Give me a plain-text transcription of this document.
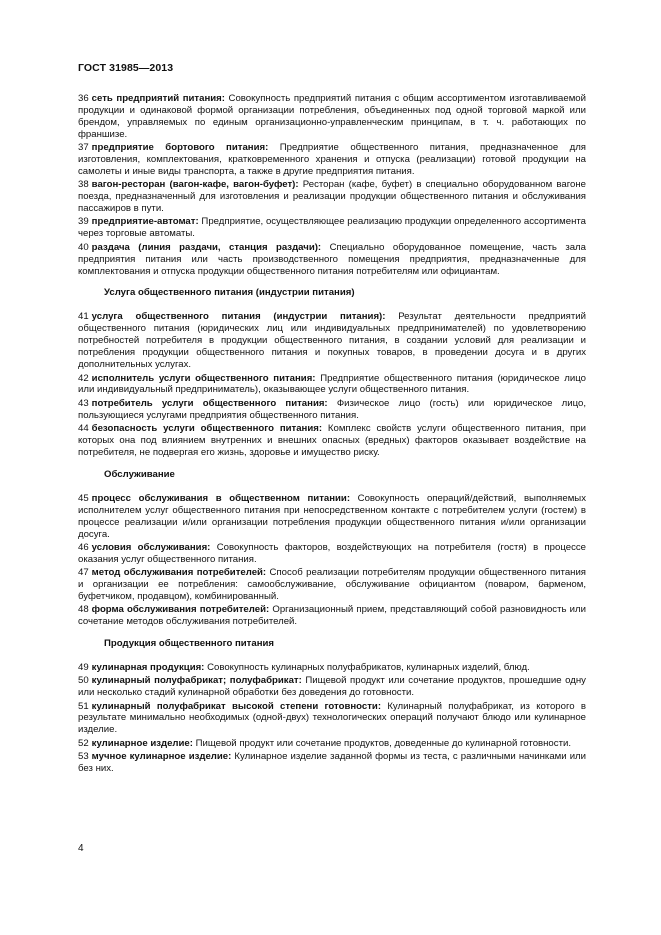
ГОСТ 31985—2013
36 сеть предприятий питания: Совокупность предприятий питания с общим ассортиментом изготавливаемой продукции и одинаковой формой организации потребления, объединенных под одной торговой маркой или брендом, управляемых по единым организационно-управленческим принципам, в т. ч. работающих по франшизе.
37 предприятие бортового питания: Предприятие общественного питания, предназначенное для изготовления, комплектования, кратковременного хранения и отпуска (реализации) готовой продукции на самолеты и иные виды транспорта, а также в другие предприятия питания.
38 вагон-ресторан (вагон-кафе, вагон-буфет): Ресторан (кафе, буфет) в специально оборудованном вагоне поезда, предназначенный для изготовления и реализации продукции общественного питания и обслуживания пассажиров в пути.
39 предприятие-автомат: Предприятие, осуществляющее реализацию продукции определенного ассортимента через торговые автоматы.
40 раздача (линия раздачи, станция раздачи): Специально оборудованное помещение, часть зала предприятия питания или часть производственного помещения предприятия, предназначенные для комплектования и отпуска продукции общественного питания потребителям или официантам.
Услуга общественного питания (индустрии питания)
41 услуга общественного питания (индустрии питания): Результат деятельности предприятий общественного питания (юридических лиц или индивидуальных предпринимателей) по удовлетворению потребностей потребителя в продукции общественного питания, в создании условий для реализации и потребления продукции общественного питания и покупных товаров, в проведении досуга и в других дополнительных услугах.
42 исполнитель услуги общественного питания: Предприятие общественного питания (юридическое лицо или индивидуальный предприниматель), оказывающее услуги общественного питания.
43 потребитель услуги общественного питания: Физическое лицо (гость) или юридическое лицо, пользующиеся услугами предприятия общественного питания.
44 безопасность услуги общественного питания: Комплекс свойств услуги общественного питания, при которых она под влиянием внутренних и внешних опасных (вредных) факторов оказывает воздействие на потребителя, не подвергая его жизнь, здоровье и имущество риску.
Обслуживание
45 процесс обслуживания в общественном питании: Совокупность операций/действий, выполняемых исполнителем услуг общественного питания при непосредственном контакте с потребителем услуги (гостем) в процессе реализации и/или организации потребления продукции общественного питания и/или организации досуга.
46 условия обслуживания: Совокупность факторов, воздействующих на потребителя (гостя) в процессе оказания услуг общественного питания.
47 метод обслуживания потребителей: Способ реализации потребителям продукции общественного питания и организации ее потребления: самообслуживание, обслуживание официантом (поваром, барменом, буфетчиком, продавцом), комбинированный.
48 форма обслуживания потребителей: Организационный прием, представляющий собой разновидность или сочетание методов обслуживания потребителей.
Продукция общественного питания
49 кулинарная продукция: Совокупность кулинарных полуфабрикатов, кулинарных изделий, блюд.
50 кулинарный полуфабрикат; полуфабрикат: Пищевой продукт или сочетание продуктов, прошедшие одну или несколько стадий кулинарной обработки без доведения до готовности.
51 кулинарный полуфабрикат высокой степени готовности: Кулинарный полуфабрикат, из которого в результате минимально необходимых (одной-двух) технологических операций получают блюдо или кулинарное изделие.
52 кулинарное изделие: Пищевой продукт или сочетание продуктов, доведенные до кулинарной готовности.
53 мучное кулинарное изделие: Кулинарное изделие заданной формы из теста, с различными начинками или без них.
4
